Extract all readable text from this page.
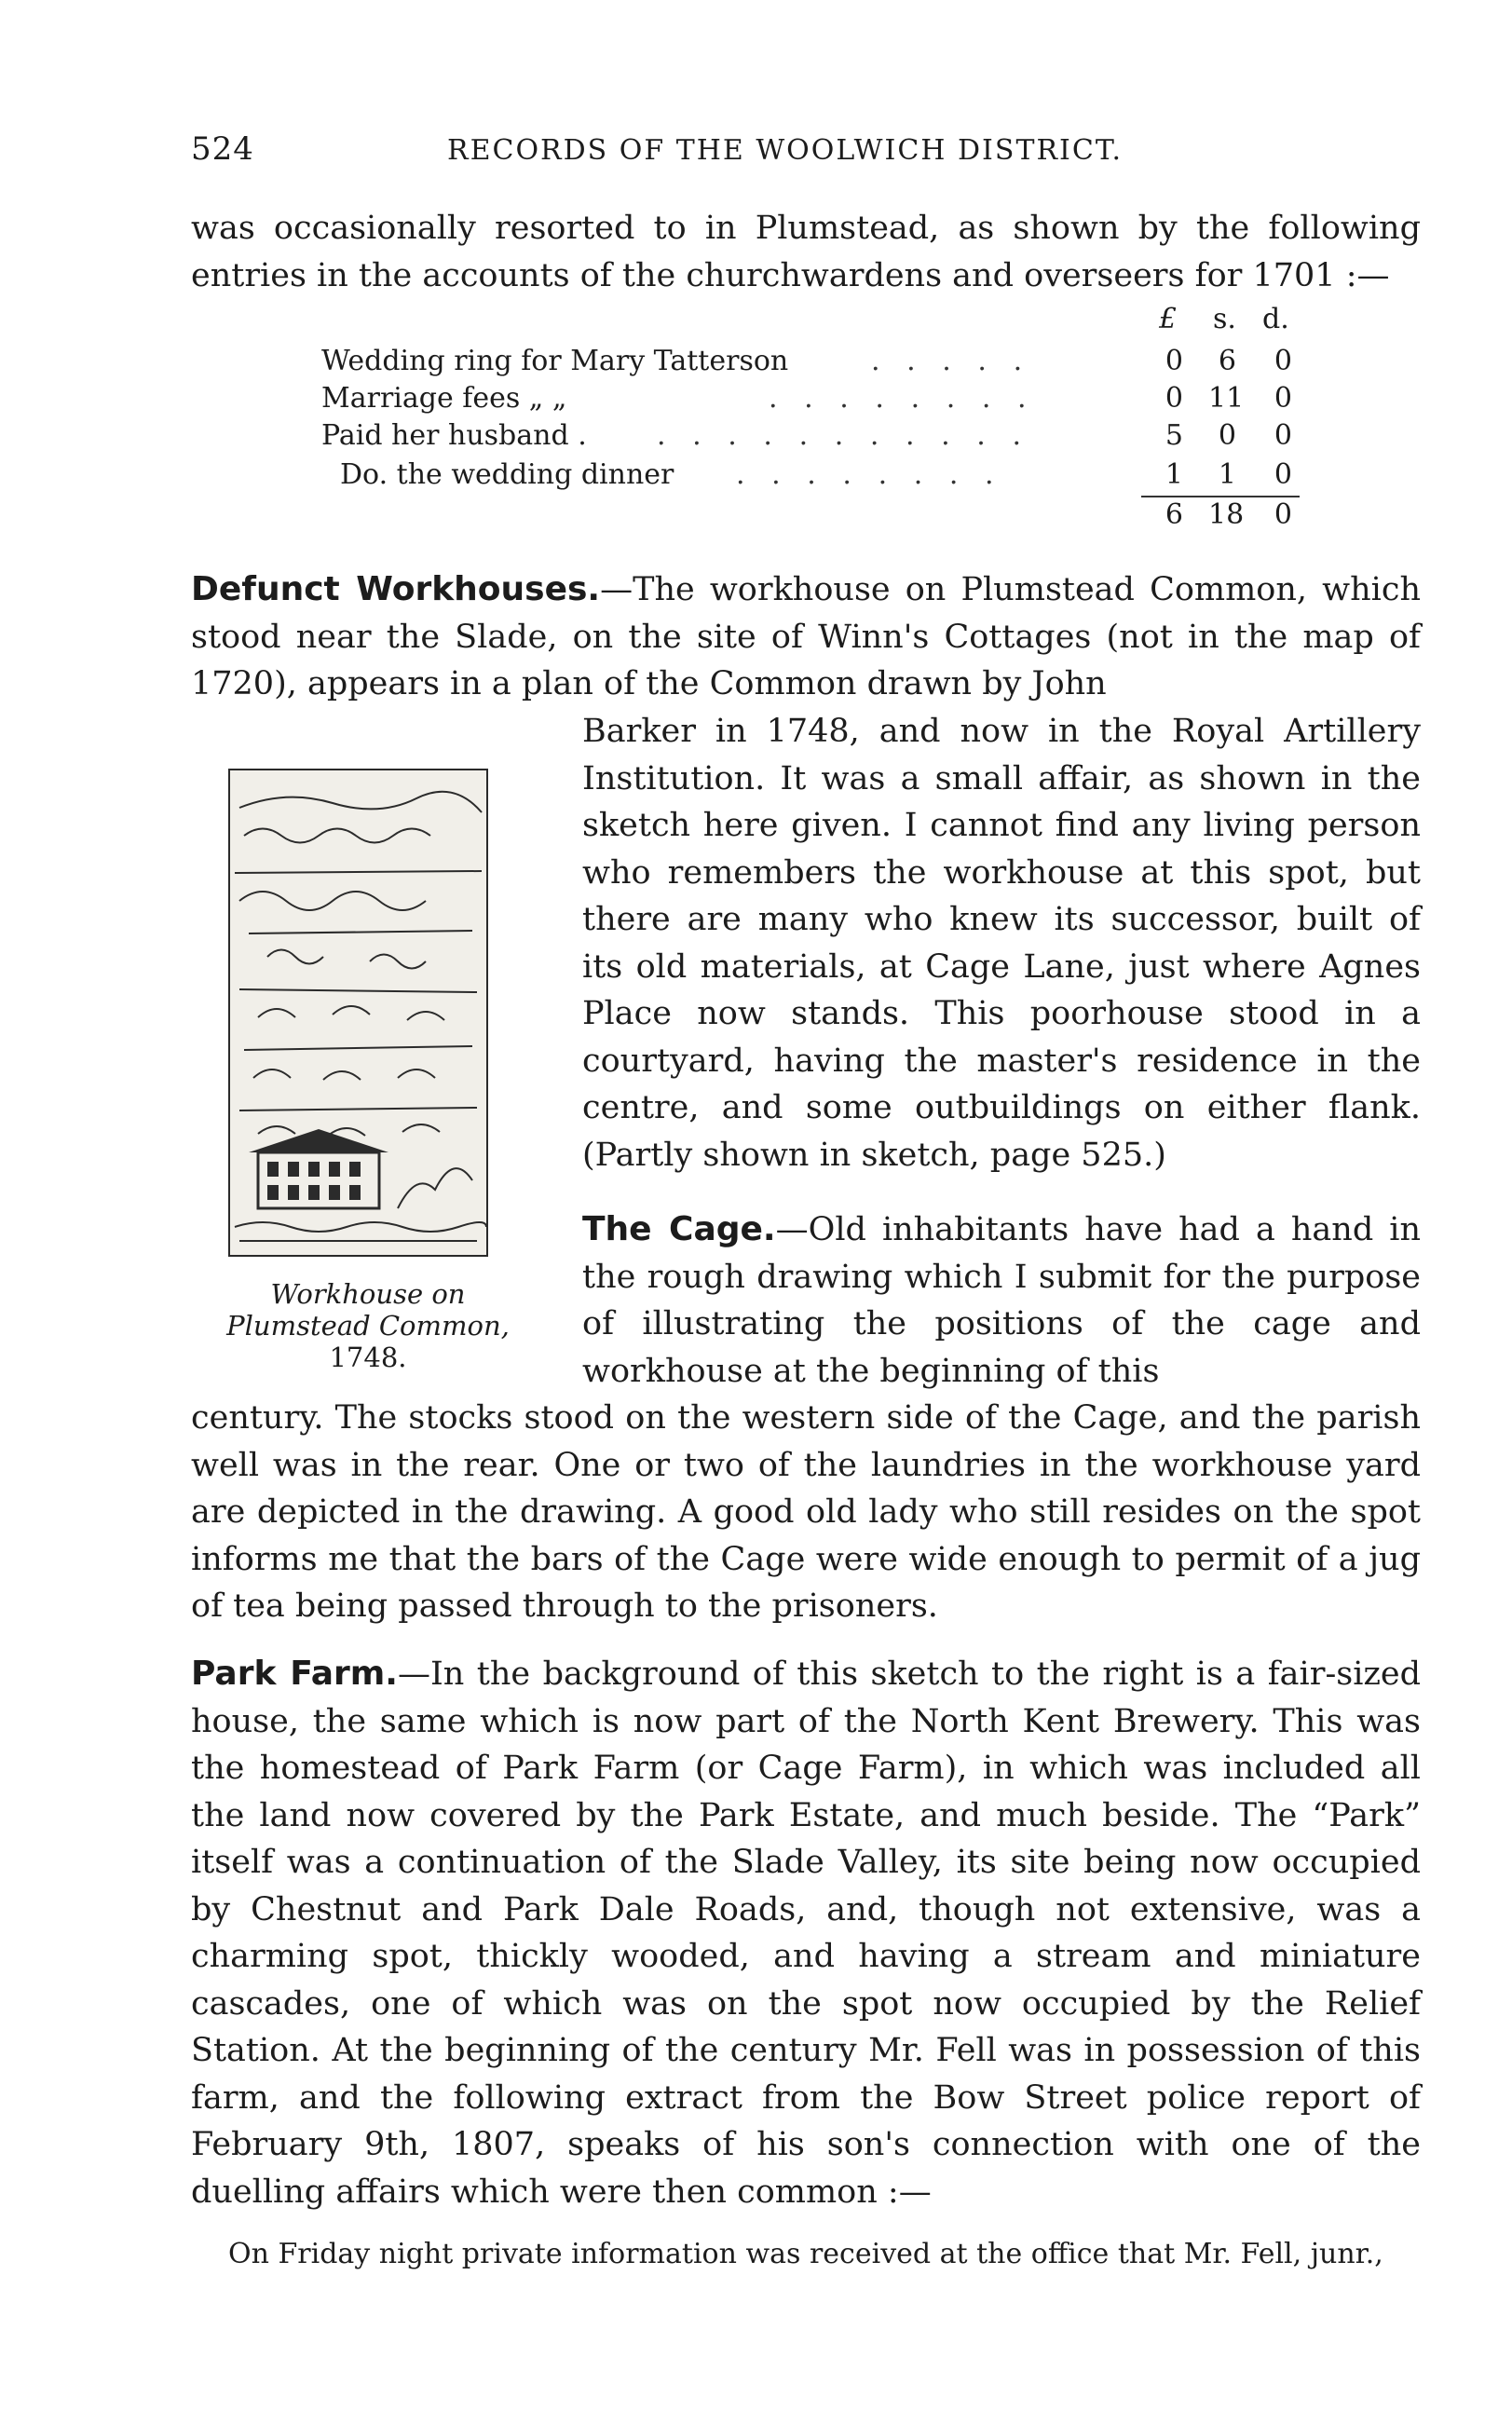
524	RECORDS OF THE WOOLWICH DISTRICT.

was occasionally resorted to in Plumstead, as shown by the following entries in the accounts of the churchwardens and overseers for 1701 :—

£ s. d.
Wedding ring for Mary Tatterson	.   .   .   .   .	0	6	0
Marriage fees „ „	.   .   .   .   .   .   .   .	0 11	0
Paid her husband .	.   .   .   .   .   .   .   .   .   .   .	5	0	0
Do. the wedding dinner .   .   .   .   .   .   .   .	1	1	0
6 18	0

Defunct Workhouses.—The workhouse on Plumstead Common, which stood near the Slade, on the site of Winn's Cottages (not in the map of 1720), appears in a plan of the Common drawn by John

Barker in 1748, and now in the Royal Artillery Institution. It was a small affair, as shown in the sketch here given. I cannot find any living person who remembers the workhouse at this spot, but there are many who knew its successor, built of its old materials, at Cage Lane, just where Agnes Place now stands. This poorhouse stood in a courtyard, having the master's residence in the centre, and some outbuildings on either flank. (Partly shown in sketch, page 525.)

Workhouse on Plumstead Common, 1748.

The Cage.—Old inhabitants have had a hand in the rough drawing which I submit for the purpose of illustrating the positions of the cage and workhouse at the beginning of this

century. The stocks stood on the western side of the Cage, and the parish well was in the rear. One or two of the laundries in the workhouse yard are depicted in the drawing. A good old lady who still resides on the spot informs me that the bars of the Cage were wide enough to permit of a jug of tea being passed through to the prisoners.

Park Farm.—In the background of this sketch to the right is a fair-sized house, the same which is now part of the North Kent Brewery. This was the homestead of Park Farm (or Cage Farm), in which was included all the land now covered by the Park Estate, and much beside. The “Park” itself was a continuation of the Slade Valley, its site being now occupied by Chestnut and Park Dale Roads, and, though not extensive, was a charming spot, thickly wooded, and having a stream and miniature cascades, one of which was on the spot now occupied by the Relief Station. At the beginning of the century Mr. Fell was in possession of this farm, and the following extract from the Bow Street police report of February 9th, 1807, speaks of his son's connection with one of the duelling affairs which were then common :—

On Friday night private information was received at the office that Mr. Fell, junr.,
